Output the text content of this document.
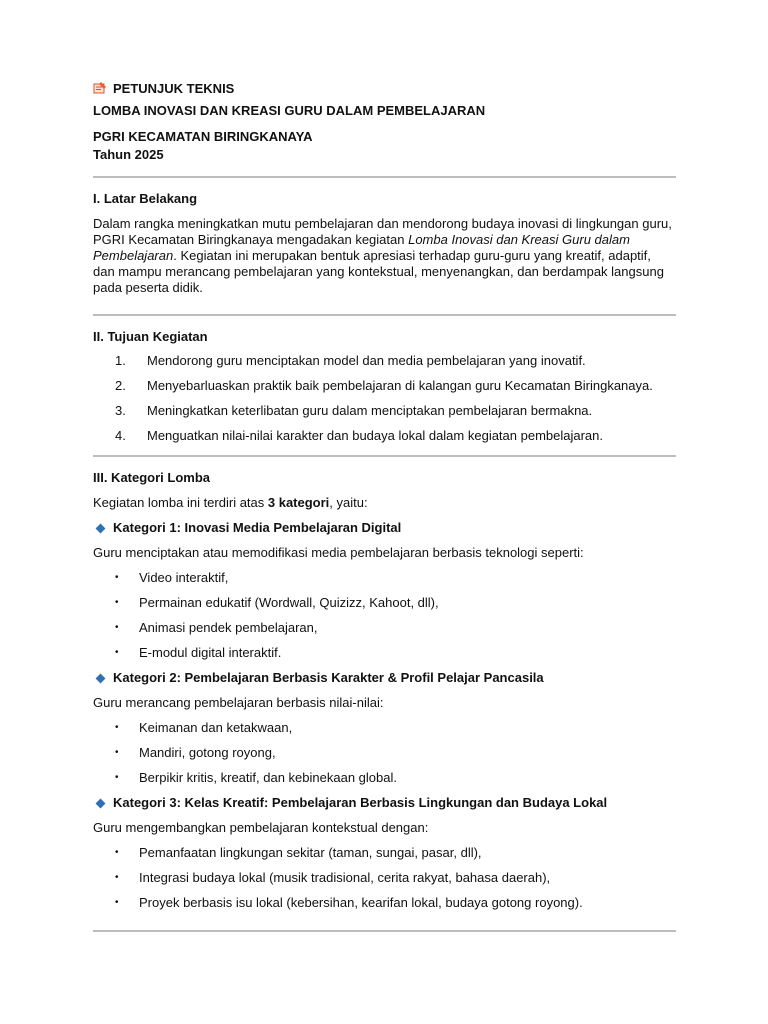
PETUNJUK TEKNIS
LOMBA INOVASI DAN KREASI GURU DALAM PEMBELAJARAN
PGRI KECAMATAN BIRINGKANAYA
Tahun 2025
I. Latar Belakang
Dalam rangka meningkatkan mutu pembelajaran dan mendorong budaya inovasi di lingkungan guru, PGRI Kecamatan Biringkanaya mengadakan kegiatan Lomba Inovasi dan Kreasi Guru dalam Pembelajaran. Kegiatan ini merupakan bentuk apresiasi terhadap guru-guru yang kreatif, adaptif, dan mampu merancang pembelajaran yang kontekstual, menyenangkan, dan berdampak langsung pada peserta didik.
II. Tujuan Kegiatan
1.	Mendorong guru menciptakan model dan media pembelajaran yang inovatif.
2.	Menyebarluaskan praktik baik pembelajaran di kalangan guru Kecamatan Biringkanaya.
3.	Meningkatkan keterlibatan guru dalam menciptakan pembelajaran bermakna.
4.	Menguatkan nilai-nilai karakter dan budaya lokal dalam kegiatan pembelajaran.
III. Kategori Lomba
Kegiatan lomba ini terdiri atas 3 kategori, yaitu:
Kategori 1: Inovasi Media Pembelajaran Digital
Guru menciptakan atau memodifikasi media pembelajaran berbasis teknologi seperti:
•	Video interaktif,
•	Permainan edukatif (Wordwall, Quizizz, Kahoot, dll),
•	Animasi pendek pembelajaran,
•	E-modul digital interaktif.
Kategori 2: Pembelajaran Berbasis Karakter & Profil Pelajar Pancasila
Guru merancang pembelajaran berbasis nilai-nilai:
•	Keimanan dan ketakwaan,
•	Mandiri, gotong royong,
•	Berpikir kritis, kreatif, dan kebinekaan global.
Kategori 3: Kelas Kreatif: Pembelajaran Berbasis Lingkungan dan Budaya Lokal
Guru mengembangkan pembelajaran kontekstual dengan:
•	Pemanfaatan lingkungan sekitar (taman, sungai, pasar, dll),
•	Integrasi budaya lokal (musik tradisional, cerita rakyat, bahasa daerah),
•	Proyek berbasis isu lokal (kebersihan, kearifan lokal, budaya gotong royong).
